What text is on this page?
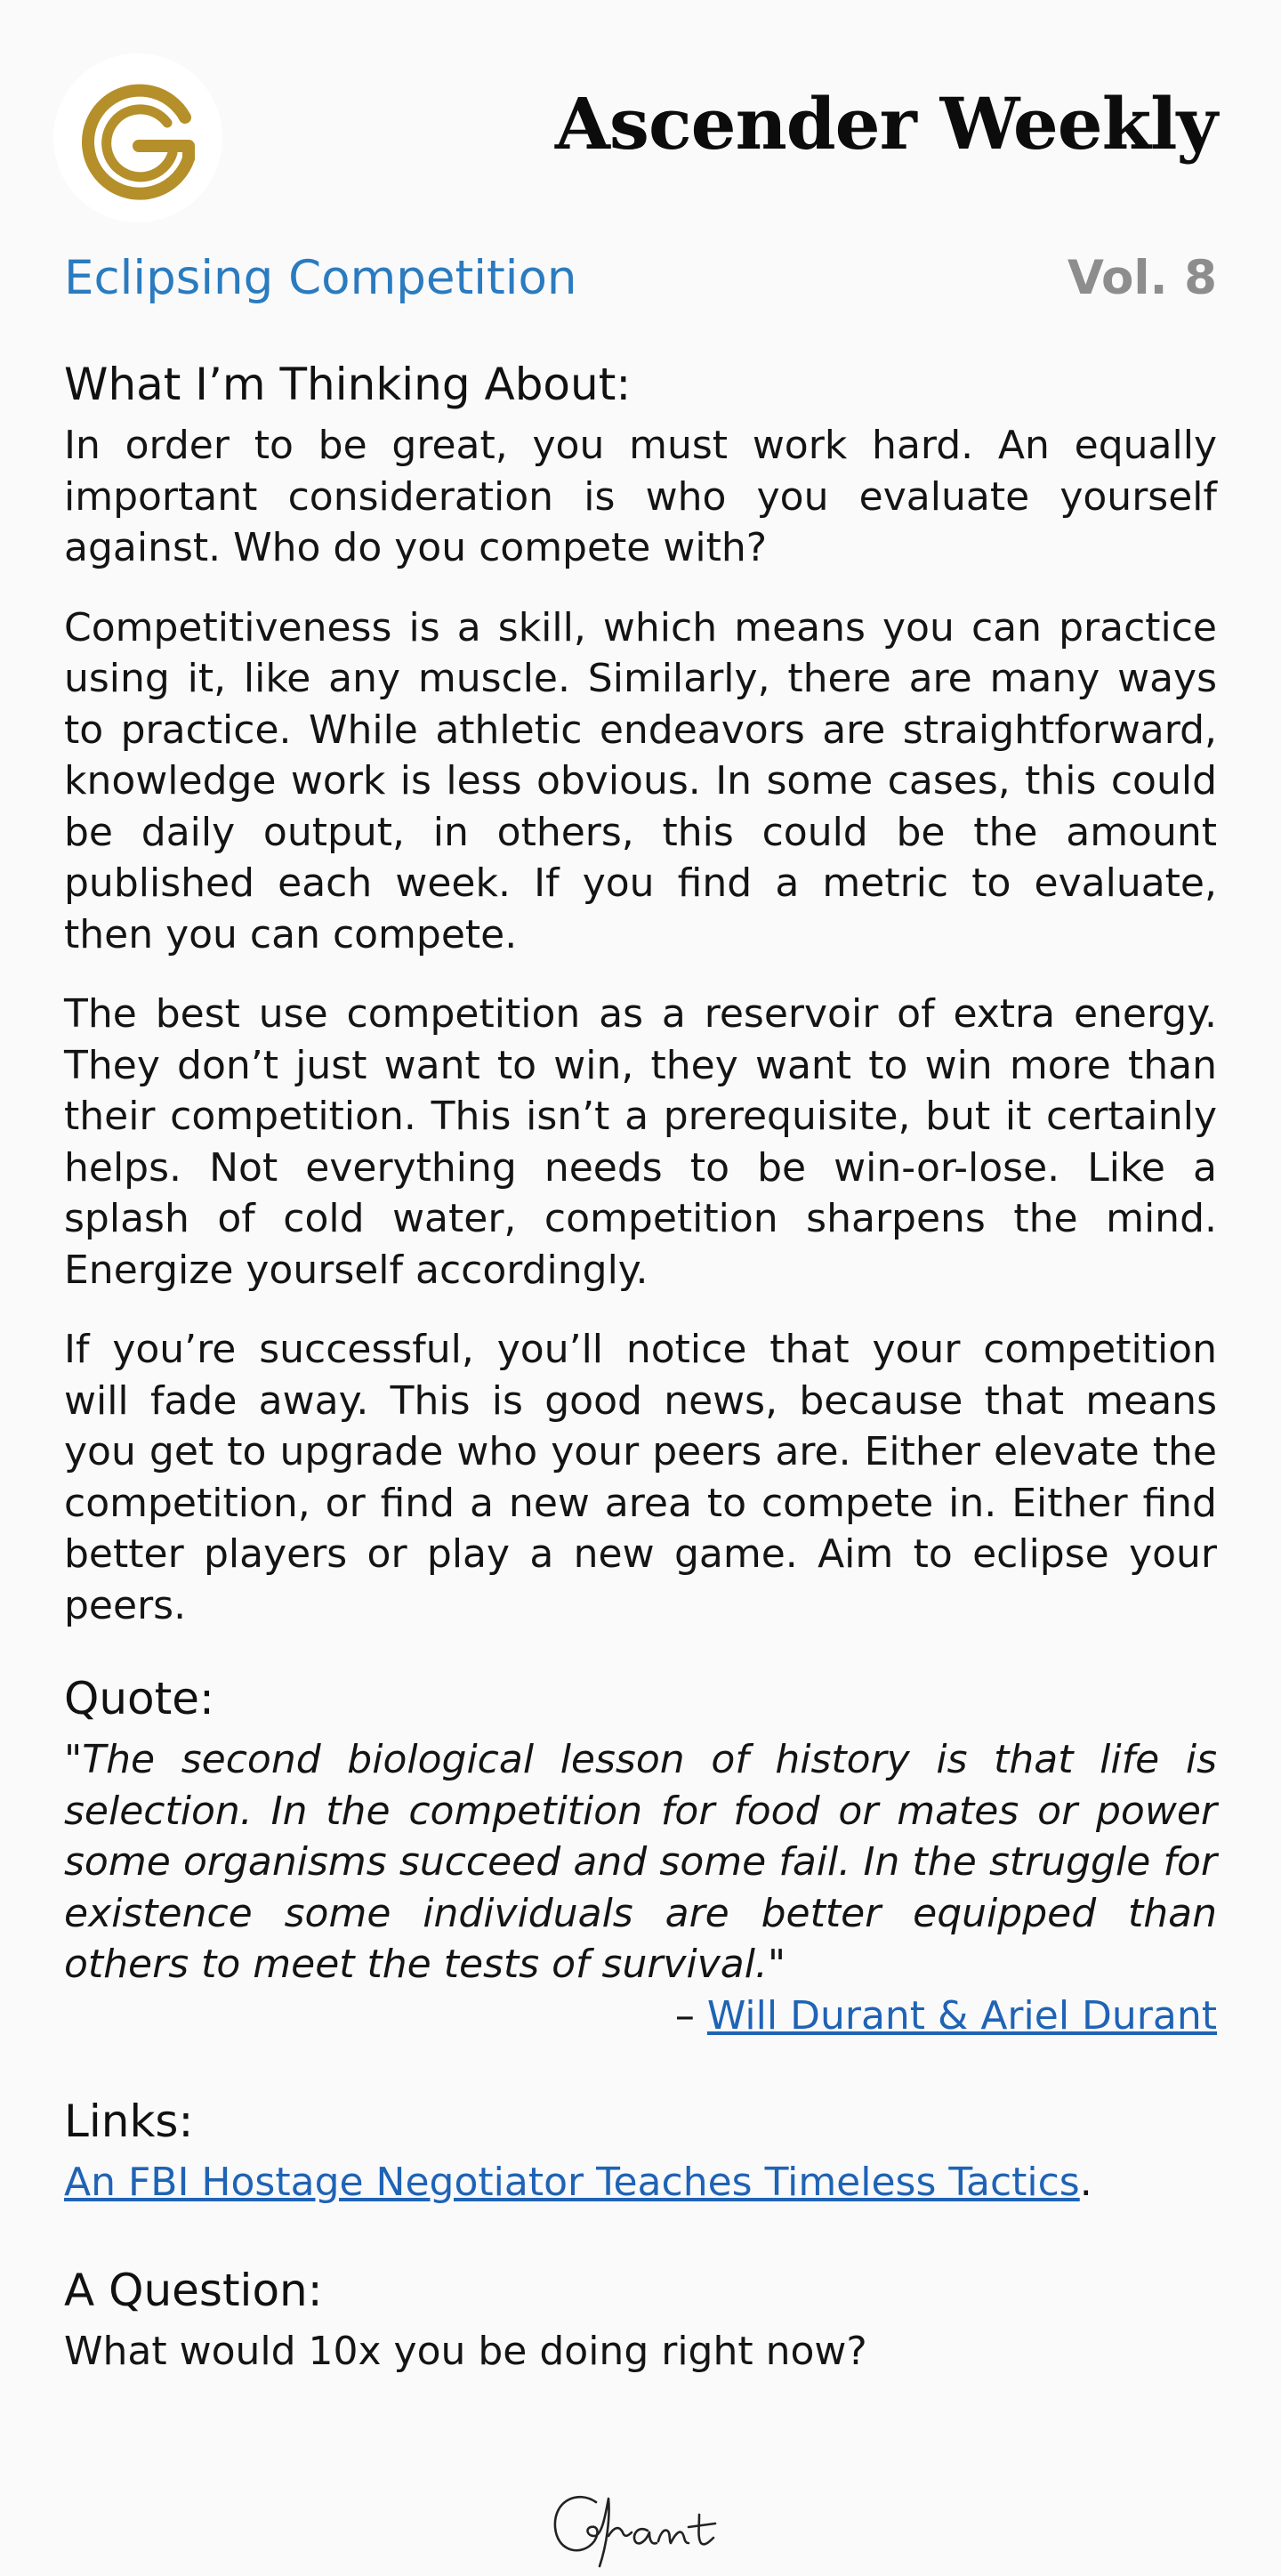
Ascender Weekly
Eclipsing Competition	Vol. 8
What I’m Thinking About:

In order to be great, you must work hard. An equally important consideration is who you evaluate yourself against. Who do you compete with?

Competitiveness is a skill, which means you can practice using it, like any muscle. Similarly, there are many ways to practice. While athletic endeavors are straightforward, knowledge work is less obvious. In some cases, this could be daily output, in others, this could be the amount published each week. If you find a metric to evaluate, then you can compete.

The best use competition as a reservoir of extra energy. They don’t just want to win, they want to win more than their competition. This isn’t a prerequisite, but it certainly helps. Not everything needs to be win-or-lose. Like a splash of cold water, competition sharpens the mind. Energize yourself accordingly.

If you’re successful, you’ll notice that your competition will fade away. This is good news, because that means you get to upgrade who your peers are. Either elevate the competition, or find a new area to compete in. Either find better players or play a new game. Aim to eclipse your peers.

Quote:

"The second biological lesson of history is that life is selection. In the competition for food or mates or power some organisms succeed and some fail. In the struggle for existence some individuals are better equipped than others to meet the tests of survival."

– Will Durant & Ariel Durant
Links:
An FBI Hostage Negotiator Teaches Timeless Tactics.
A Question:
What would 10x you be doing right now?
